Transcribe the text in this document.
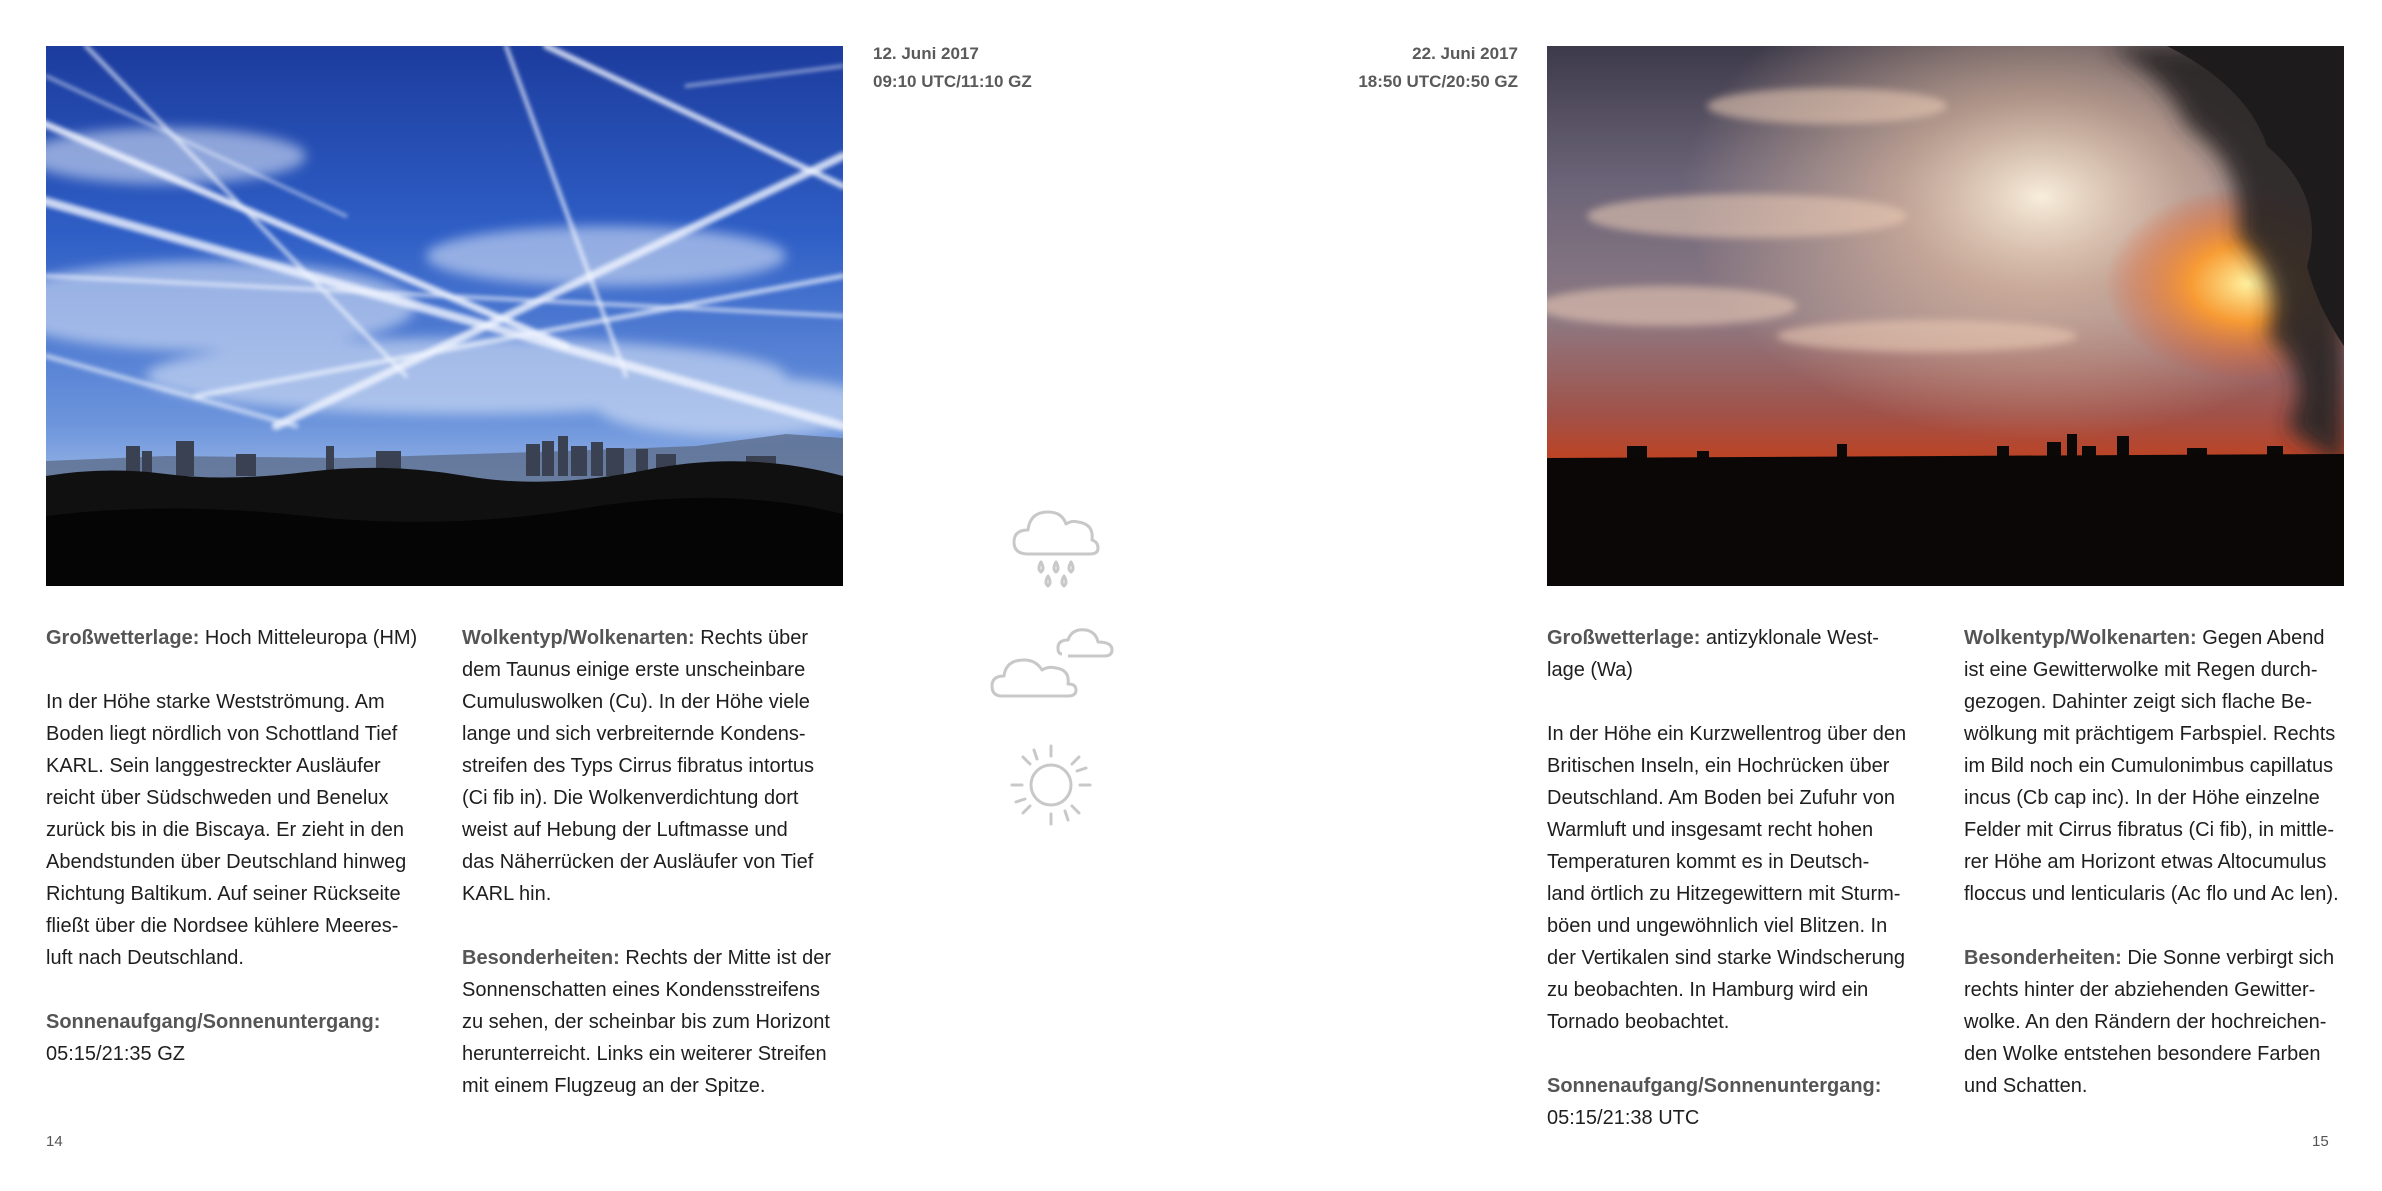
12. Juni 2017
09:10 UTC/11:10 GZ
22. Juni 2017
18:50 UTC/20:50 GZ

Großwetterlage: Hoch Mitteleuropa (HM)

In der Höhe starke Westströmung. Am
Boden liegt nördlich von Schottland Tief
KARL. Sein langgestreckter Ausläufer
reicht über Südschweden und Benelux
zurück bis in die Biscaya. Er zieht in den
Abendstunden über Deutschland hinweg
Richtung Baltikum. Auf seiner Rückseite
fließt über die Nordsee kühlere Meeres-
luft nach Deutschland.

Sonnenaufgang/Sonnenuntergang:
05:15/21:35 GZ

Wolkentyp/Wolkenarten: Rechts über
dem Taunus einige erste unscheinbare
Cumuluswolken (Cu). In der Höhe viele
lange und sich verbreiternde Kondens-
streifen des Typs Cirrus fibratus intortus
(Ci fib in). Die Wolkenverdichtung dort
weist auf Hebung der Luftmasse und
das Näherrücken der Ausläufer von Tief
KARL hin.

Besonderheiten: Rechts der Mitte ist der
Sonnenschatten eines Kondensstreifens
zu sehen, der scheinbar bis zum Horizont
herunterreicht. Links ein weiterer Streifen
mit einem Flugzeug an der Spitze.

Großwetterlage: antizyklonale West-
lage (Wa)

In der Höhe ein Kurzwellentrog über den
Britischen Inseln, ein Hochrücken über
Deutschland. Am Boden bei Zufuhr von
Warmluft und insgesamt recht hohen
Temperaturen kommt es in Deutsch-
land örtlich zu Hitzegewittern mit Sturm-
böen und ungewöhnlich viel Blitzen. In
der Vertikalen sind starke Windscherung
zu beobachten. In Hamburg wird ein
Tornado beobachtet.

Sonnenaufgang/Sonnenuntergang:
05:15/21:38 UTC

Wolkentyp/Wolkenarten: Gegen Abend
ist eine Gewitterwolke mit Regen durch-
gezogen. Dahinter zeigt sich flache Be-
wölkung mit prächtigem Farbspiel. Rechts
im Bild noch ein Cumulonimbus capillatus
incus (Cb cap inc). In der Höhe einzelne
Felder mit Cirrus fibratus (Ci fib), in mittle-
rer Höhe am Horizont etwas Altocumulus
floccus und lenticularis (Ac flo und Ac len).

Besonderheiten: Die Sonne verbirgt sich
rechts hinter der abziehenden Gewitter-
wolke. An den Rändern der hochreichen-
den Wolke entstehen besondere Farben
und Schatten.

14	15
